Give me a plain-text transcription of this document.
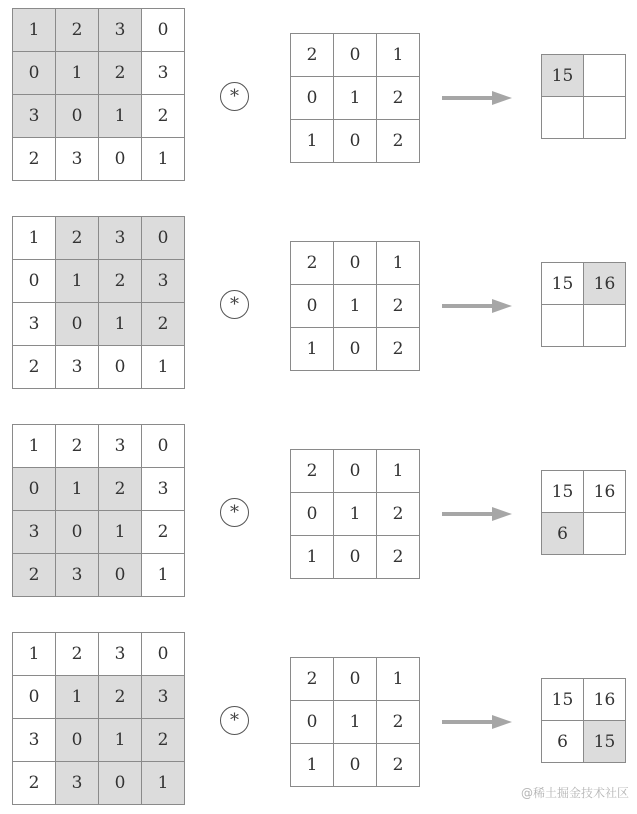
1	2	3	0
0	1	2	3
3	0	1	2
2	3	0	1
*
2	0	1
0	1	2
1	0	2
15
1	2	3	0
0	1	2	3
3	0	1	2
2	3	0	1
*
2	0	1
0	1	2
1	0	2
15	16
1	2	3	0
0	1	2	3
3	0	1	2
2	3	0	1
*
2	0	1
0	1	2
1	0	2
15	16
6
1	2	3	0
0	1	2	3
3	0	1	2
2	3	0	1
*
2	0	1
0	1	2
1	0	2
15	16
6	15
@稀土掘金技术社区
